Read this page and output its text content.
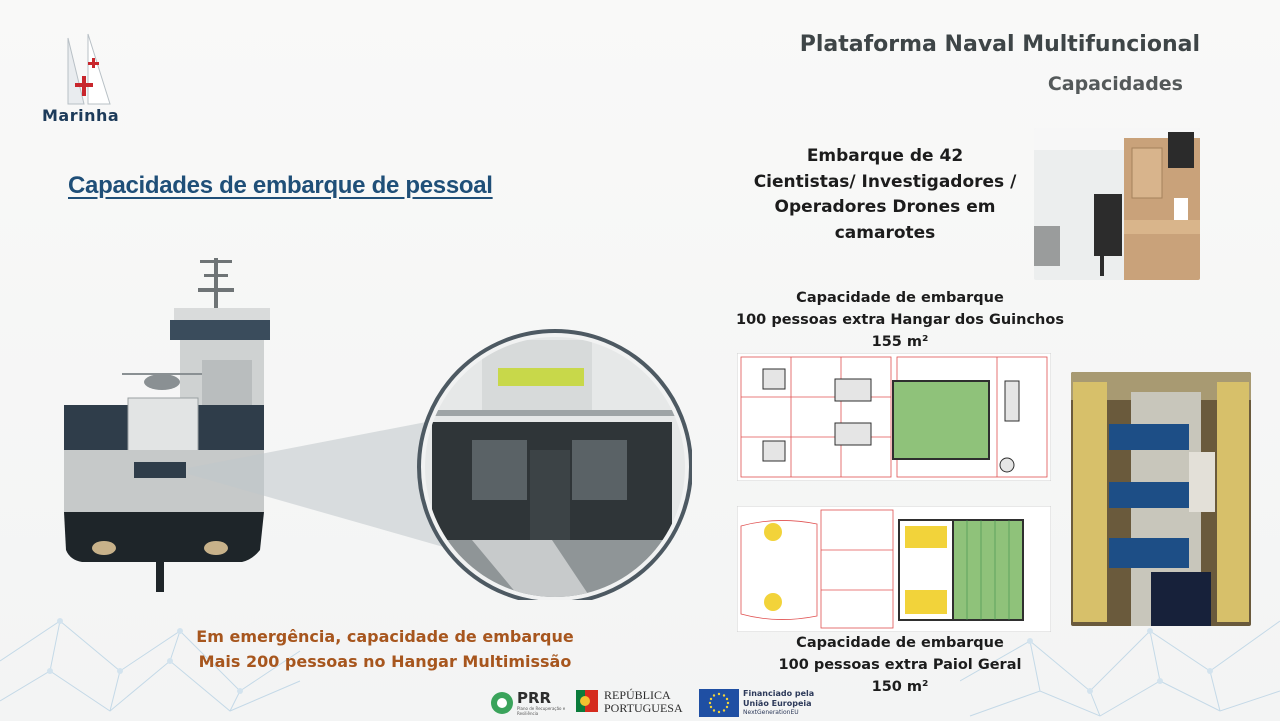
Marinha
Plataforma Naval Multifuncional
Capacidades
Capacidades de embarque de pessoal
Embarque de 42
Cientistas/ Investigadores /
Operadores Drones em
camarotes
Capacidade de embarque
100 pessoas extra Hangar dos Guinchos
155 m²
Capacidade de embarque
100 pessoas extra Paiol Geral
150 m²
Em emergência, capacidade de embarque
Mais 200 pessoas no Hangar Multimissão
PRR
Plano de Recuperação e Resiliência
REPÚBLICA
PORTUGUESA
Financiado pela
União Europeia
NextGenerationEU
